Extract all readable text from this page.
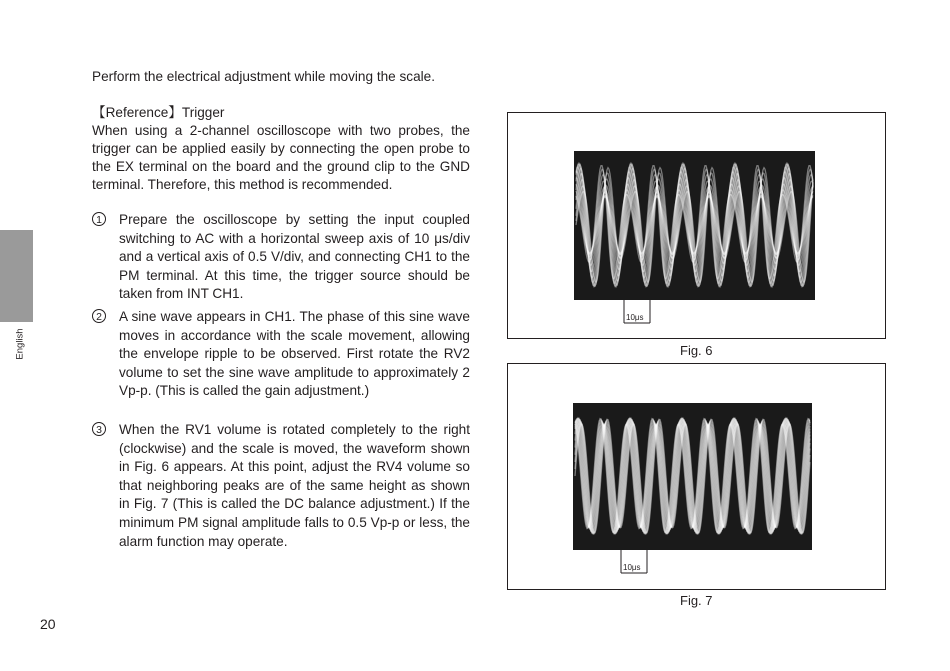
English

Perform the electrical adjustment while moving the scale.

【Reference】Trigger

When using a 2-channel oscilloscope with two probes, the trigger can be applied easily by connecting the open probe to the EX terminal on the board and the ground clip to the GND terminal. Therefore, this method is recommended.

1 Prepare the oscilloscope by setting the input coupled switching to AC with a horizontal sweep axis of 10 μs/div and a vertical axis of 0.5 V/div, and connecting CH1 to the PM terminal. At this time, the trigger source should be taken from INT CH1.

2 A sine wave appears in CH1. The phase of this sine wave moves in accordance with the scale movement, allowing the envelope ripple to be observed. First rotate the RV2 volume to set the sine wave amplitude to approximately 2 Vp-p. (This is called the gain adjustment.)

3 When the RV1 volume is rotated completely to the right (clockwise) and the scale is moved, the waveform shown in Fig. 6 appears. At this point, adjust the RV4 volume so that neighboring peaks are of the same height as shown in Fig. 7 (This is called the DC balance adjustment.) If the minimum PM signal amplitude falls to 0.5 Vp-p or less, the alarm function may operate.

10μs
Fig. 6
10μs
Fig. 7
20
